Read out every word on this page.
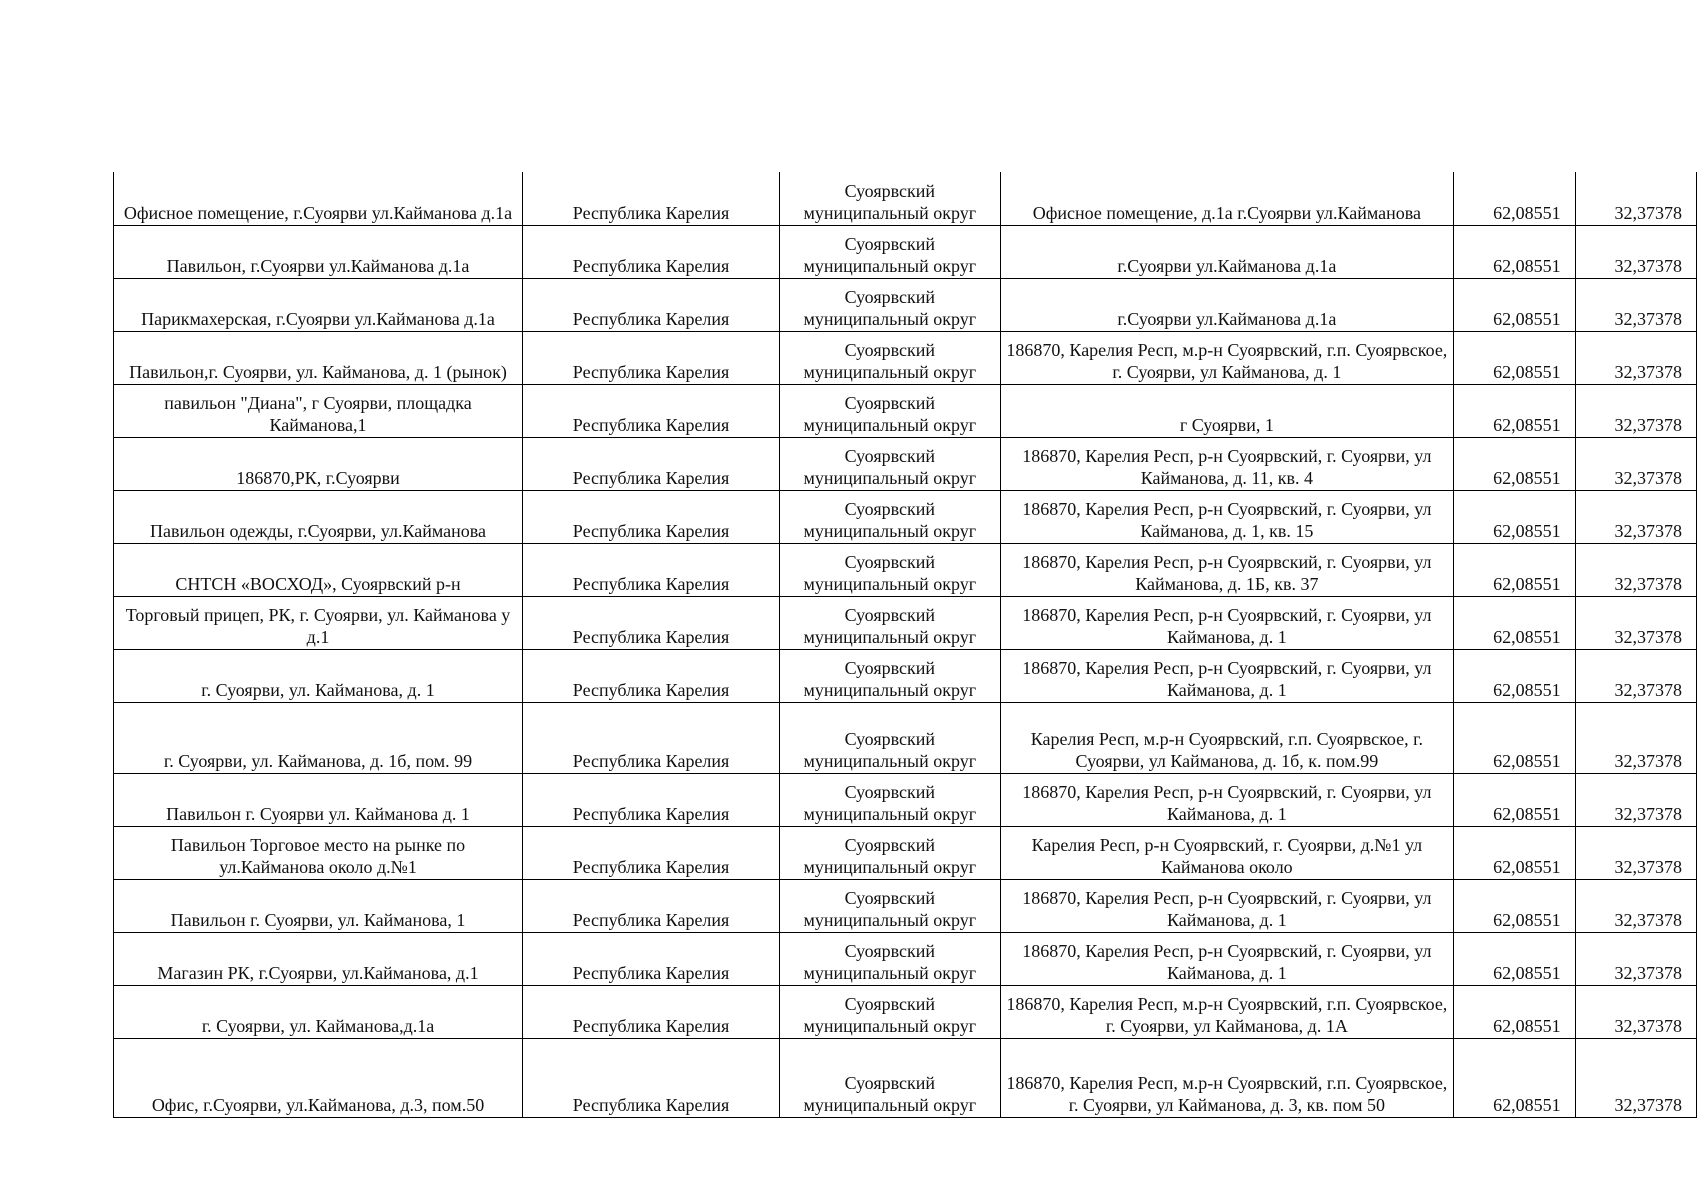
Офисное помещение, г.Суоярви ул.Кайманова д.1а	Республика Карелия	Суоярвский муниципальный округ	Офисное помещение, д.1а г.Суоярви ул.Кайманова	62,08551	32,37378
Павильон, г.Суоярви ул.Кайманова д.1а	Республика Карелия	Суоярвский муниципальный округ	г.Суоярви ул.Кайманова д.1а	62,08551	32,37378
Парикмахерская, г.Суоярви ул.Кайманова д.1а	Республика Карелия	Суоярвский муниципальный округ	г.Суоярви ул.Кайманова д.1а	62,08551	32,37378
Павильон,г. Суоярви, ул. Кайманова, д. 1 (рынок)	Республика Карелия	Суоярвский муниципальный округ	186870, Карелия Респ, м.р-н Суоярвский, г.п. Суоярвское, г. Суоярви, ул Кайманова, д. 1	62,08551	32,37378
павильон "Диана", г Суоярви, площадка Кайманова,1	Республика Карелия	Суоярвский муниципальный округ	г Суоярви, 1	62,08551	32,37378
186870,РК, г.Суоярви	Республика Карелия	Суоярвский муниципальный округ	186870, Карелия Респ, р-н Суоярвский, г. Суоярви, ул Кайманова, д. 11, кв. 4	62,08551	32,37378
Павильон одежды, г.Суоярви, ул.Кайманова	Республика Карелия	Суоярвский муниципальный округ	186870, Карелия Респ, р-н Суоярвский, г. Суоярви, ул Кайманова, д. 1, кв. 15	62,08551	32,37378
СНТСН «ВОСХОД», Суоярвский р-н	Республика Карелия	Суоярвский муниципальный округ	186870, Карелия Респ, р-н Суоярвский, г. Суоярви, ул Кайманова, д. 1Б, кв. 37	62,08551	32,37378
Торговый прицеп, РК, г. Суоярви, ул. Кайманова у д.1	Республика Карелия	Суоярвский муниципальный округ	186870, Карелия Респ, р-н Суоярвский, г. Суоярви, ул Кайманова, д. 1	62,08551	32,37378
г. Суоярви, ул. Кайманова, д. 1	Республика Карелия	Суоярвский муниципальный округ	186870, Карелия Респ, р-н Суоярвский, г. Суоярви, ул Кайманова, д. 1	62,08551	32,37378
г. Суоярви, ул. Кайманова, д. 1б, пом. 99	Республика Карелия	Суоярвский муниципальный округ	Карелия Респ, м.р-н Суоярвский, г.п. Суоярвское, г. Суоярви, ул Кайманова, д. 1б, к. пом.99	62,08551	32,37378
Павильон г. Суоярви ул. Кайманова д. 1	Республика Карелия	Суоярвский муниципальный округ	186870, Карелия Респ, р-н Суоярвский, г. Суоярви, ул Кайманова, д. 1	62,08551	32,37378
Павильон Торговое место на рынке по ул.Кайманова около д.№1	Республика Карелия	Суоярвский муниципальный округ	Карелия Респ, р-н Суоярвский, г. Суоярви, д.№1 ул Кайманова около	62,08551	32,37378
Павильон г. Суоярви, ул. Кайманова, 1	Республика Карелия	Суоярвский муниципальный округ	186870, Карелия Респ, р-н Суоярвский, г. Суоярви, ул Кайманова, д. 1	62,08551	32,37378
Магазин РК, г.Суоярви, ул.Кайманова, д.1	Республика Карелия	Суоярвский муниципальный округ	186870, Карелия Респ, р-н Суоярвский, г. Суоярви, ул Кайманова, д. 1	62,08551	32,37378
г. Суоярви, ул. Кайманова,д.1а	Республика Карелия	Суоярвский муниципальный округ	186870, Карелия Респ, м.р-н Суоярвский, г.п. Суоярвское, г. Суоярви, ул Кайманова, д. 1А	62,08551	32,37378
Офис, г.Суоярви, ул.Кайманова, д.3, пом.50	Республика Карелия	Суоярвский муниципальный округ	186870, Карелия Респ, м.р-н Суоярвский, г.п. Суоярвское, г. Суоярви, ул Кайманова, д. 3, кв. пом 50	62,08551	32,37378
